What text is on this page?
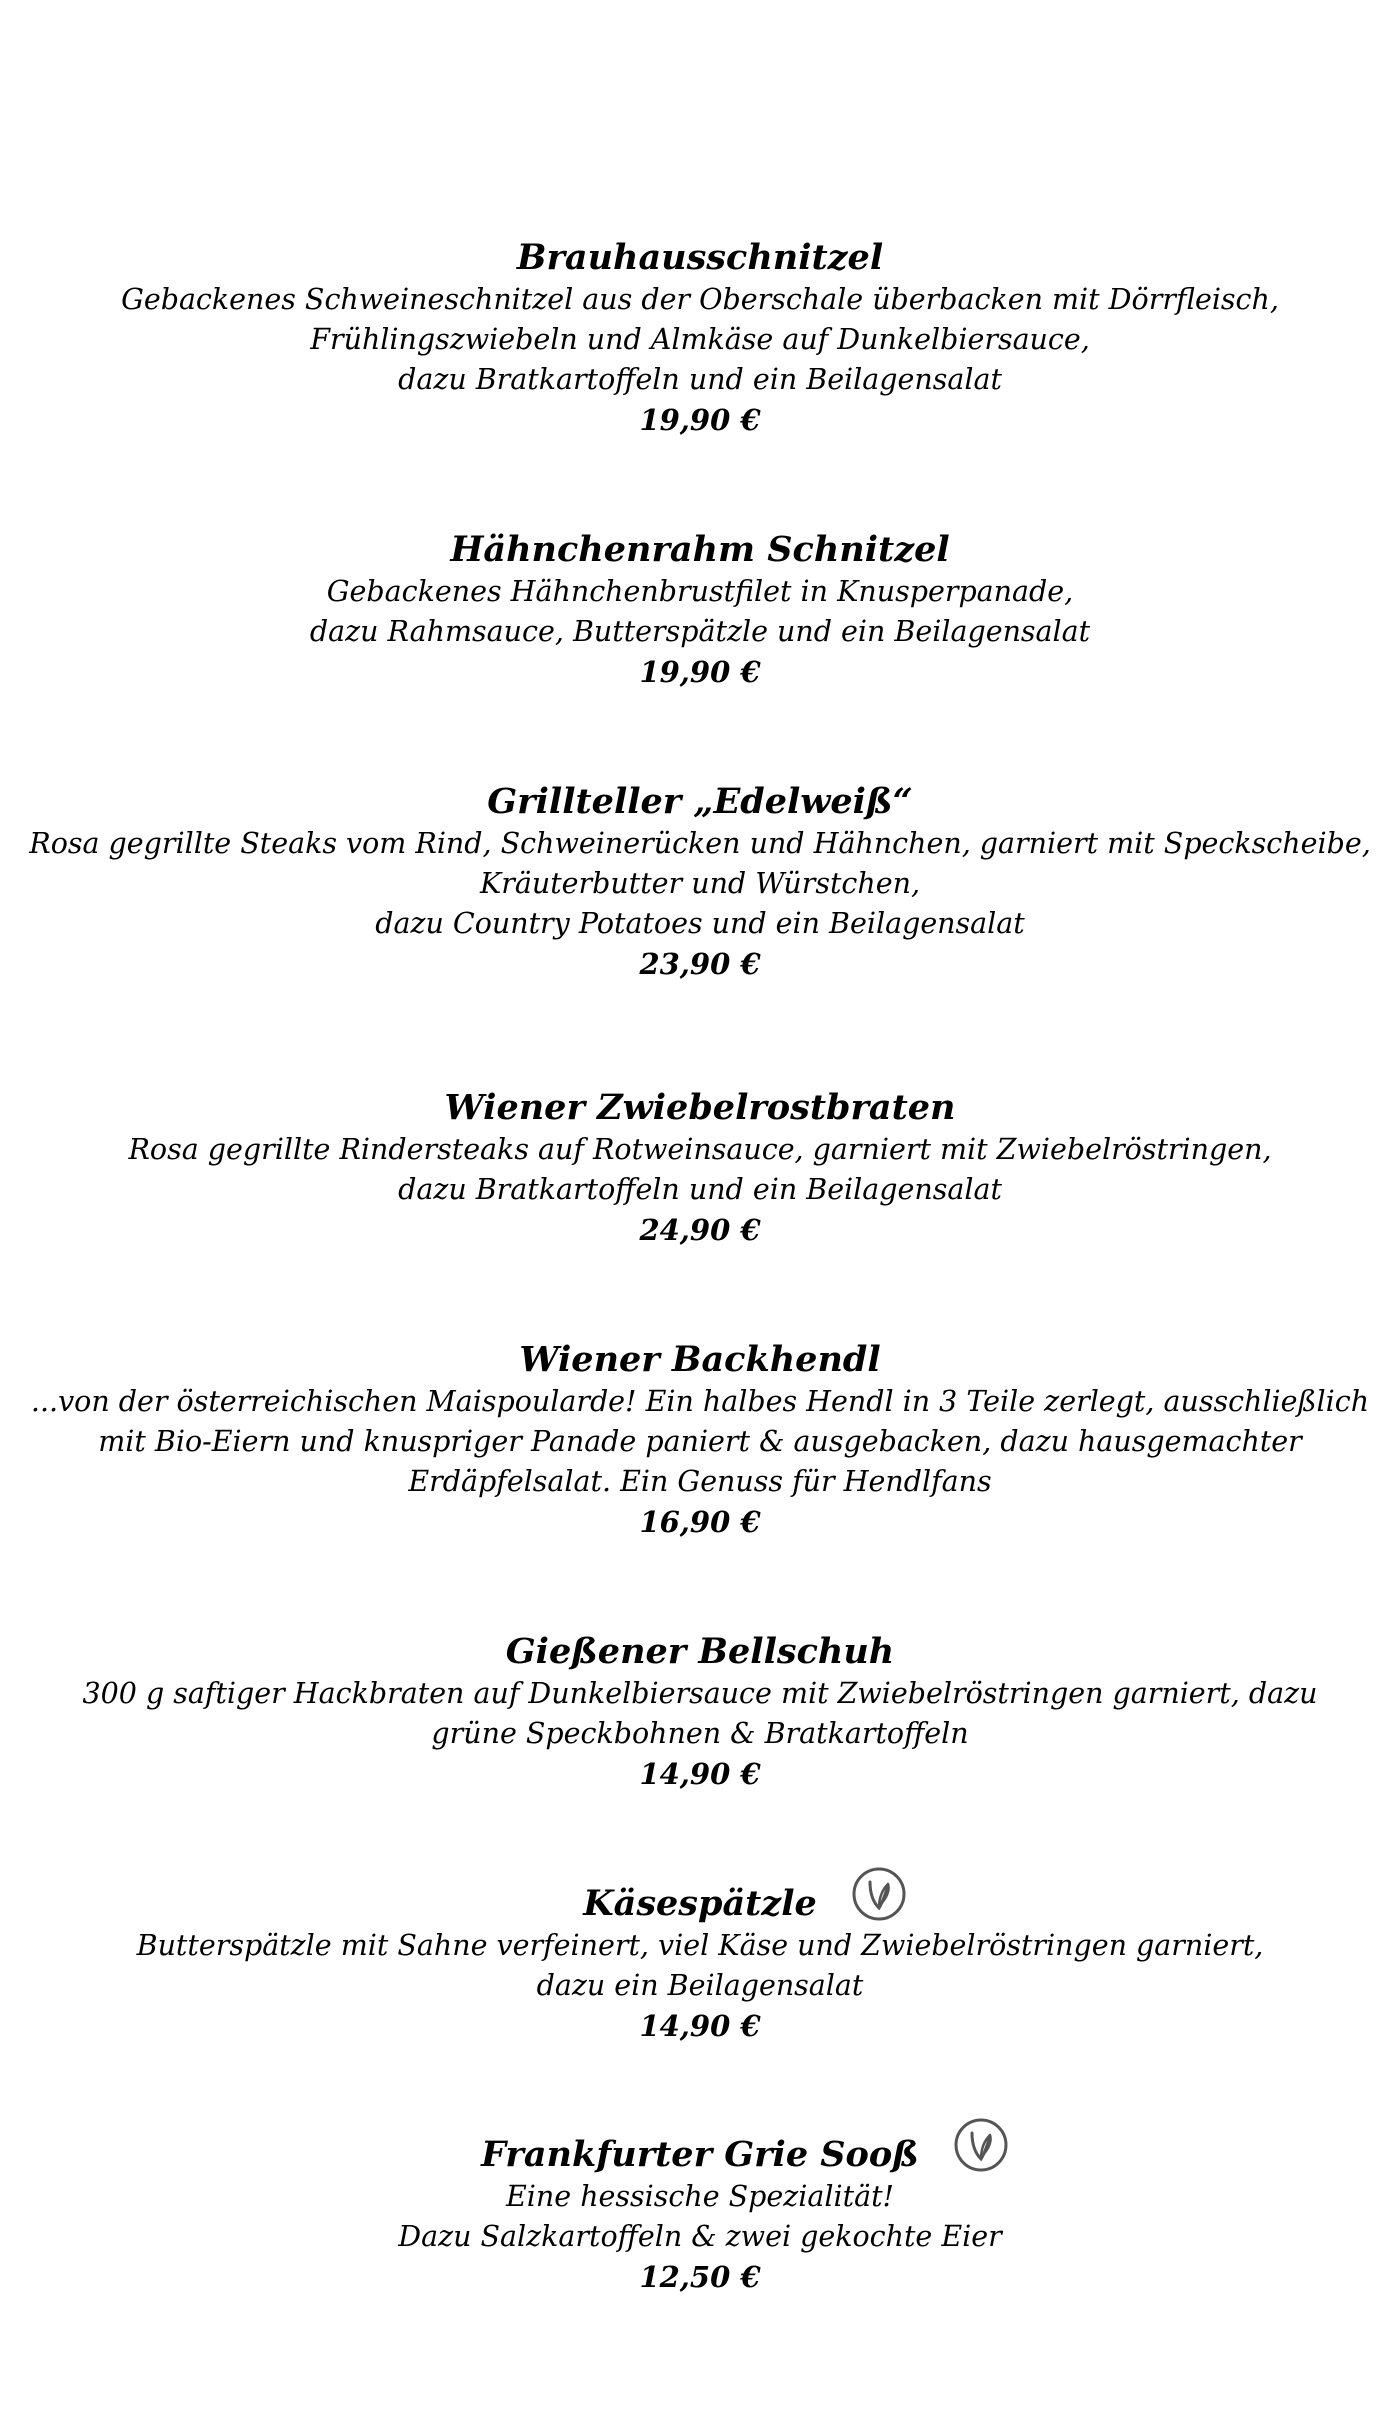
Brauhausschnitzel
Gebackenes Schweineschnitzel aus der Oberschale überbacken mit Dörrfleisch,
Frühlingszwiebeln und Almkäse auf Dunkelbiersauce,
dazu Bratkartoffeln und ein Beilagensalat
19,90 €
Hähnchenrahm Schnitzel
Gebackenes Hähnchenbrustfilet in Knusperpanade,
dazu Rahmsauce, Butterspätzle und ein Beilagensalat
19,90 €
Grillteller „Edelweiß“
Rosa gegrillte Steaks vom Rind, Schweinerücken und Hähnchen, garniert mit Speckscheibe,
Kräuterbutter und Würstchen,
dazu Country Potatoes und ein Beilagensalat
23,90 €
Wiener Zwiebelrostbraten
Rosa gegrillte Rindersteaks auf Rotweinsauce, garniert mit Zwiebelröstringen,
dazu Bratkartoffeln und ein Beilagensalat
24,90 €
Wiener Backhendl
...von der österreichischen Maispoularde! Ein halbes Hendl in 3 Teile zerlegt, ausschließlich
mit Bio-Eiern und knuspriger Panade paniert & ausgebacken, dazu hausgemachter
Erdäpfelsalat. Ein Genuss für Hendlfans
16,90 €
Gießener Bellschuh
300 g saftiger Hackbraten auf Dunkelbiersauce mit Zwiebelröstringen garniert, dazu
grüne Speckbohnen & Bratkartoffeln
14,90 €
Käsespätzle
Butterspätzle mit Sahne verfeinert, viel Käse und Zwiebelröstringen garniert,
dazu ein Beilagensalat
14,90 €
Frankfurter Grie Sooß
Eine hessische Spezialität!
Dazu Salzkartoffeln & zwei gekochte Eier
12,50 €
